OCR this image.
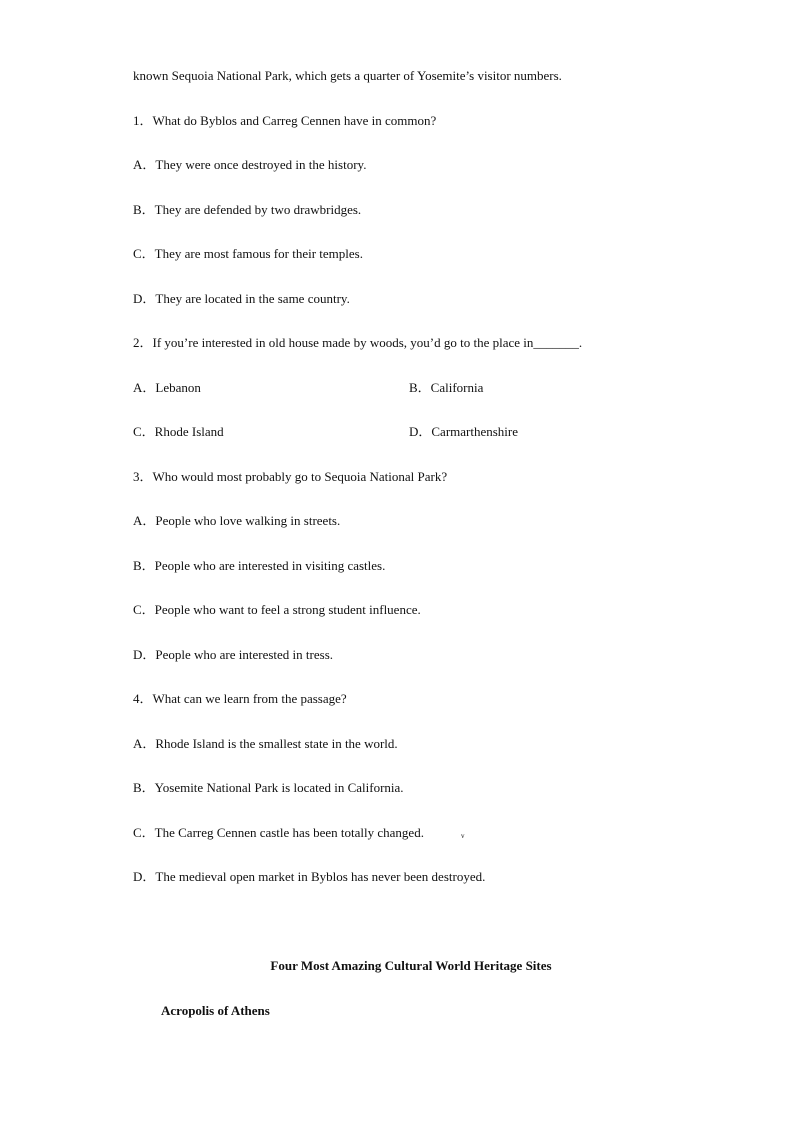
known Sequoia National Park, which gets a quarter of Yosemite’s visitor numbers.
1．What do Byblos and Carreg Cennen have in common?
A．They were once destroyed in the history.
B．They are defended by two drawbridges.
C．They are most famous for their temples.
D．They are located in the same country.
2．If you’re interested in old house made by woods, you’d go to the place in_______.
A．Lebanon	B．California
C．Rhode Island	D．Carmarthenshire
3．Who would most probably go to Sequoia National Park?
A．People who love walking in streets.
B．People who are interested in visiting castles.
C．People who want to feel a strong student influence.
D．People who are interested in tress.
4．What can we learn from the passage?
A．Rhode Island is the smallest state in the world.
B．Yosemite National Park is located in California.
C．The Carreg Cennen castle has been totally changed.	v
D．The medieval open market in Byblos has never been destroyed.
Four Most Amazing Cultural World Heritage Sites
Acropolis of Athens
